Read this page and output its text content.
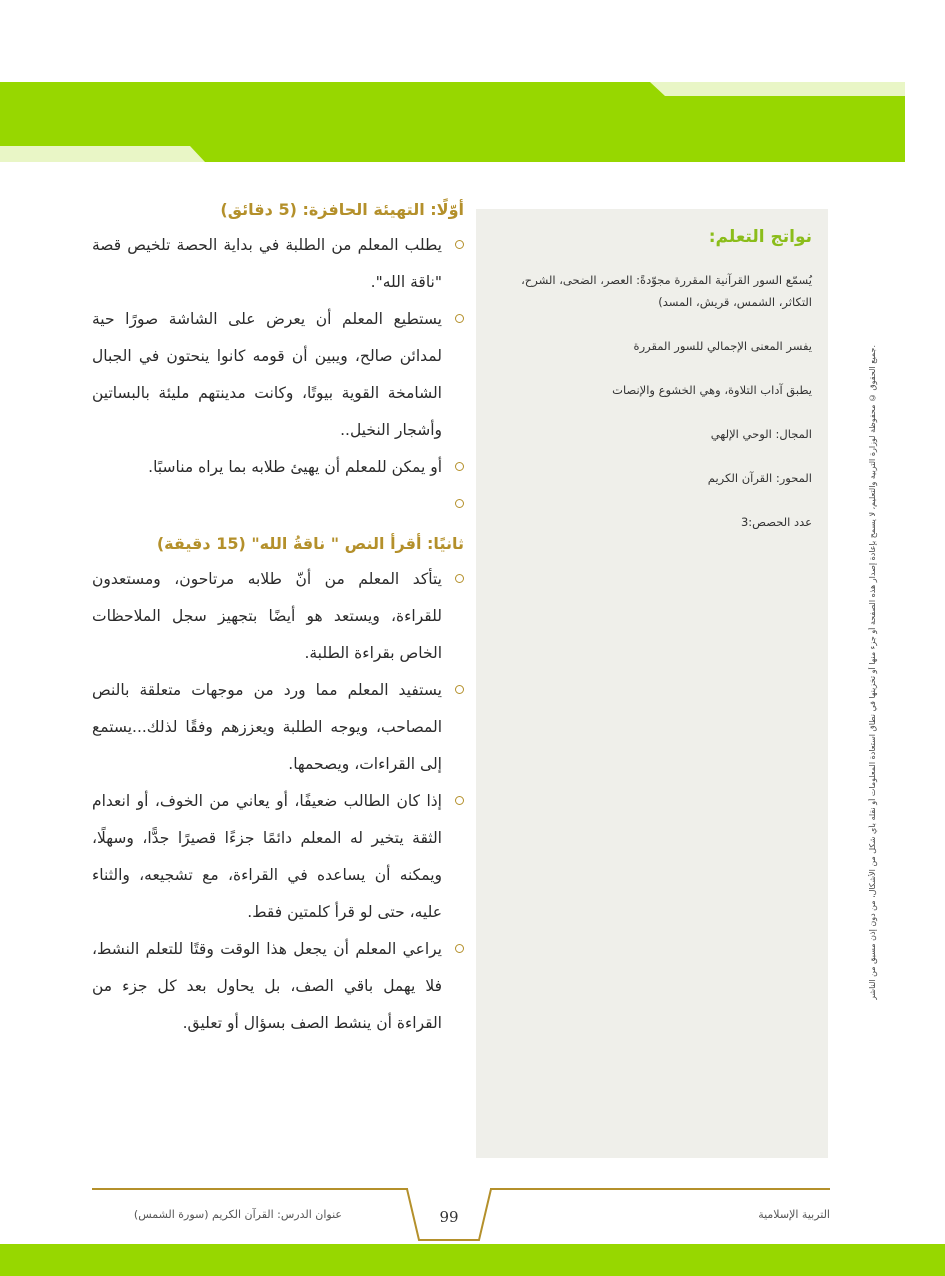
جميع الحقوق © محفوظة لوزارة التربية والتعليم، لا يسمح بإعادة إصدار هذه الصفحة أو جزء منها أو تخزينها في نطاق استعادة المعلومات أو نقله بأي شكل من الأشكال، من دون إذن مسبق من الناشر.
نواتج التعلم:

يُسمّع السور القرآنية المقررة مجوّدةً: العصر، الضحى، الشرح، التكاثر، الشمس، قريش، المسد)

يفسر المعنى الإجمالي للسور المقررة

يطبق آداب التلاوة، وهي الخشوع والإنصات

المجال: الوحي الإلهي

المحور: القرآن الكريم

عدد الحصص:3

أوّلًا: التهيئة الحافزة: (5 دقائق)
يطلب المعلم من الطلبة في بداية الحصة تلخيص قصة "ناقة الله".
يستطيع المعلم أن يعرض على الشاشة صورًا حية لمدائن صالح، ويبين أن قومه كانوا ينحتون في الجبال الشامخة القوية بيوتًا، وكانت مدينتهم مليئة بالبساتين وأشجار النخيل..
أو يمكن للمعلم أن يهيئ طلابه بما يراه مناسبًا.
ثانيًا: أقرأ النص " ناقةُ الله" (15 دقيقة)
يتأكد المعلم من أنّ طلابه مرتاحون، ومستعدون للقراءة، ويستعد هو أيضًا بتجهيز سجل الملاحظات الخاص بقراءة الطلبة.
يستفيد المعلم مما ورد من موجهات متعلقة بالنص المصاحب، ويوجه الطلبة ويعززهم وفقًا لذلك...يستمع إلى القراءات، ويصحمها.
إذا كان الطالب ضعيفًا، أو يعاني من الخوف، أو انعدام الثقة يتخير له المعلم دائمًا جزءًا قصيرًا جدًّا، وسهلًا، ويمكنه أن يساعده في القراءة، مع تشجيعه، والثناء عليه، حتى لو قرأ كلمتين فقط.
يراعي المعلم أن يجعل هذا الوقت وقتًا للتعلم النشط، فلا يهمل باقي الصف، بل يحاول بعد كل جزء من القراءة أن ينشط الصف بسؤال أو تعليق.
99
عنوان الدرس: القرآن الكريم (سورة الشمس)	التربية الإسلامية
